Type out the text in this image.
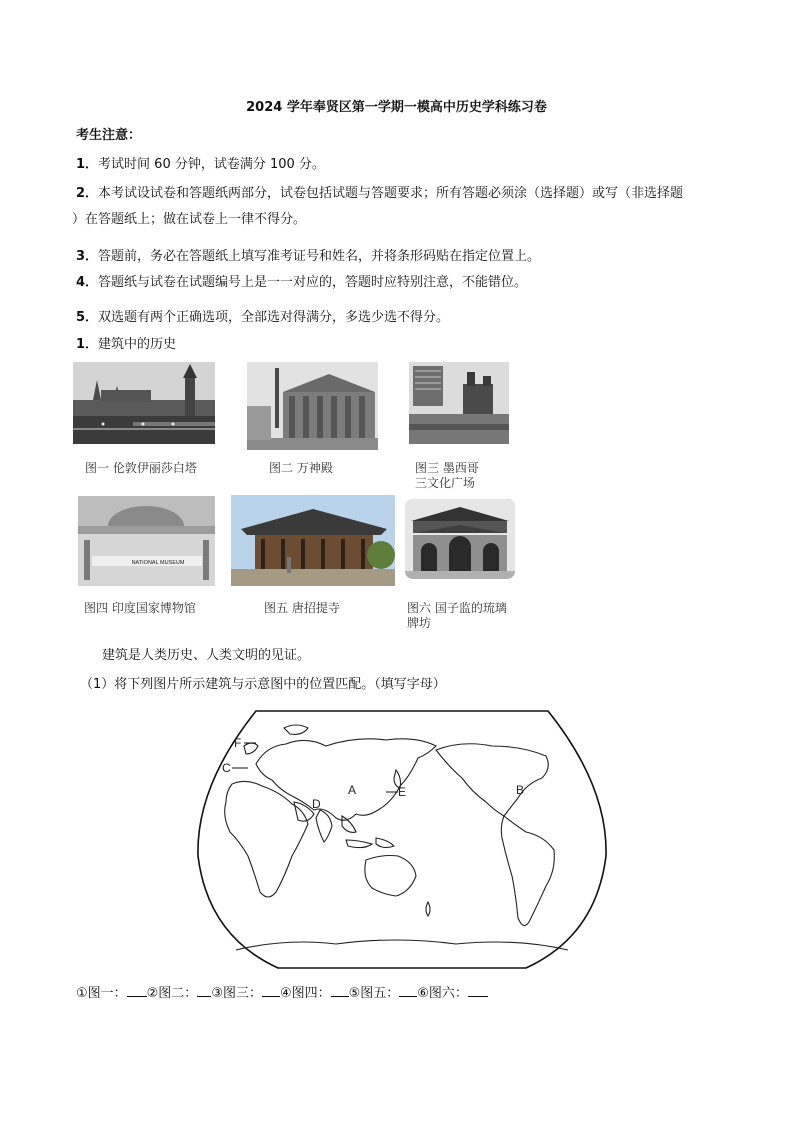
2024 学年奉贤区第一学期一模高中历史学科练习卷
考生注意：
1．考试时间 60 分钟，试卷满分 100 分。
2．本考试设试卷和答题纸两部分，试卷包括试题与答题要求；所有答题必须涂（选择题）或写（非选择题
）在答题纸上；做在试卷上一律不得分。
3．答题前，务必在答题纸上填写准考证号和姓名，并将条形码贴在指定位置上。
4．答题纸与试卷在试题编号上是一一对应的，答题时应特别注意，不能错位。
5．双选题有两个正确选项，全部选对得满分，多选少选不得分。
1．建筑中的历史
图一 伦敦伊丽莎白塔	图二 万神殿	图三 墨西哥
三文化广场
NATIONAL MUSEUM
图四 印度国家博物馆	图五 唐招提寺	图六 国子监的琉璃
牌坊
建筑是人类历史、人类文明的见证。
（1）将下列图片所示建筑与示意图中的位置匹配。（填写字母）
F
C
D
A	E	B
①图一： ②图二： ③图三： ④图四： ⑤图五： ⑥图六：
